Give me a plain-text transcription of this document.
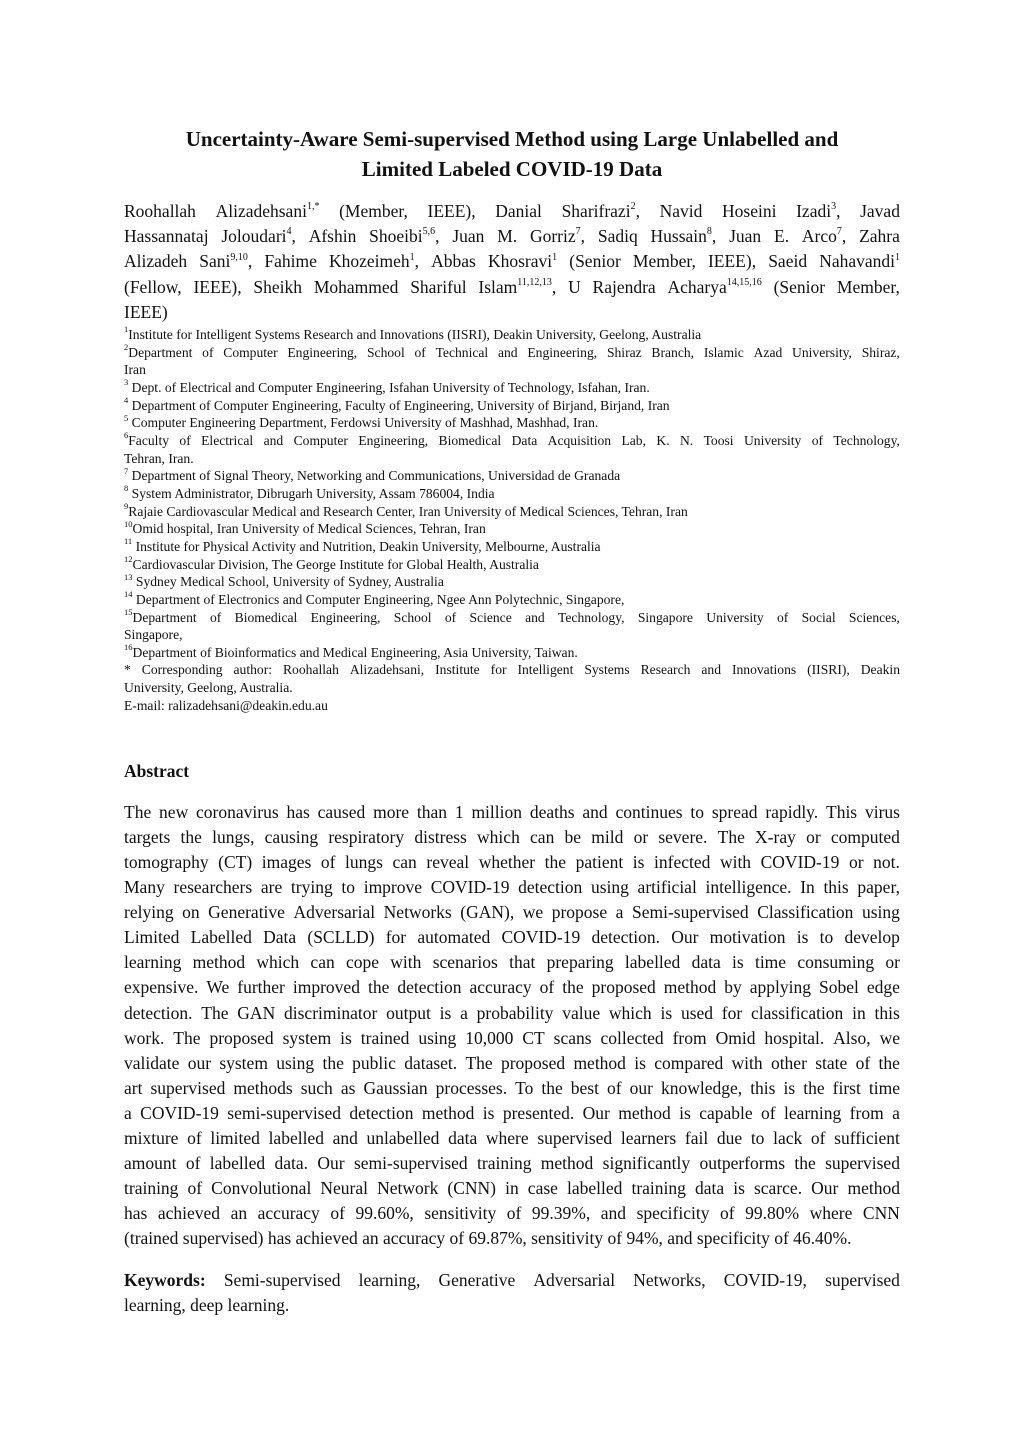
Uncertainty-Aware Semi-supervised Method using Large Unlabelled and
Limited Labeled COVID-19 Data
Roohallah Alizadehsani$^{1,*}$ (Member, IEEE), Danial Sharifrazi$^2$, Navid Hoseini Izadi$^3$, Javad
Hassannataj Joloudari$^4$, Afshin Shoeibi$^{5,6}$, Juan M. Gorriz$^7$, Sadiq Hussain$^8$, Juan E. Arco$^7$, Zahra
Alizadeh Sani$^{9,10}$, Fahime Khozeimeh$^1$, Abbas Khosravi$^1$ (Senior Member, IEEE), Saeid Nahavandi$^1$
(Fellow, IEEE), Sheikh Mohammed Shariful Islam$^{11,12,13}$, U Rajendra Acharya$^{14,15,16}$ (Senior Member,
IEEE)
$^1$Institute for Intelligent Systems Research and Innovations (IISRI), Deakin University, Geelong, Australia
$^2$Department of Computer Engineering, School of Technical and Engineering, Shiraz Branch, Islamic Azad University, Shiraz,
Iran
$^3$ Dept. of Electrical and Computer Engineering, Isfahan University of Technology, Isfahan, Iran.
$^4$ Department of Computer Engineering, Faculty of Engineering, University of Birjand, Birjand, Iran
$^5$ Computer Engineering Department, Ferdowsi University of Mashhad, Mashhad, Iran.
$^6$Faculty of Electrical and Computer Engineering, Biomedical Data Acquisition Lab, K. N. Toosi University of Technology,
Tehran, Iran.
$^7$ Department of Signal Theory, Networking and Communications, Universidad de Granada
$^8$ System Administrator, Dibrugarh University, Assam 786004, India
$^9$Rajaie Cardiovascular Medical and Research Center, Iran University of Medical Sciences, Tehran, Iran
$^{10}$Omid hospital, Iran University of Medical Sciences, Tehran, Iran
$^{11}$ Institute for Physical Activity and Nutrition, Deakin University, Melbourne, Australia
$^{12}$Cardiovascular Division, The George Institute for Global Health, Australia
$^{13}$ Sydney Medical School, University of Sydney, Australia
$^{14}$ Department of Electronics and Computer Engineering, Ngee Ann Polytechnic, Singapore,
$^{15}$Department of Biomedical Engineering, School of Science and Technology, Singapore University of Social Sciences,
Singapore,
$^{16}$Department of Bioinformatics and Medical Engineering, Asia University, Taiwan.
* Corresponding author: Roohallah Alizadehsani, Institute for Intelligent Systems Research and Innovations (IISRI), Deakin
University, Geelong, Australia.
E-mail: ralizadehsani@deakin.edu.au
Abstract
The new coronavirus has caused more than 1 million deaths and continues to spread rapidly. This virus
targets the lungs, causing respiratory distress which can be mild or severe. The X-ray or computed
tomography (CT) images of lungs can reveal whether the patient is infected with COVID-19 or not.
Many researchers are trying to improve COVID-19 detection using artificial intelligence. In this paper,
relying on Generative Adversarial Networks (GAN), we propose a Semi-supervised Classification using
Limited Labelled Data (SCLLD) for automated COVID-19 detection. Our motivation is to develop
learning method which can cope with scenarios that preparing labelled data is time consuming or
expensive. We further improved the detection accuracy of the proposed method by applying Sobel edge
detection. The GAN discriminator output is a probability value which is used for classification in this
work. The proposed system is trained using 10,000 CT scans collected from Omid hospital. Also, we
validate our system using the public dataset. The proposed method is compared with other state of the
art supervised methods such as Gaussian processes. To the best of our knowledge, this is the first time
a COVID-19 semi-supervised detection method is presented. Our method is capable of learning from a
mixture of limited labelled and unlabelled data where supervised learners fail due to lack of sufficient
amount of labelled data. Our semi-supervised training method significantly outperforms the supervised
training of Convolutional Neural Network (CNN) in case labelled training data is scarce. Our method
has achieved an accuracy of 99.60%, sensitivity of 99.39%, and specificity of 99.80% where CNN
(trained supervised) has achieved an accuracy of 69.87%, sensitivity of 94%, and specificity of 46.40%.
Keywords: Semi-supervised learning, Generative Adversarial Networks, COVID-19, supervised
learning, deep learning.
